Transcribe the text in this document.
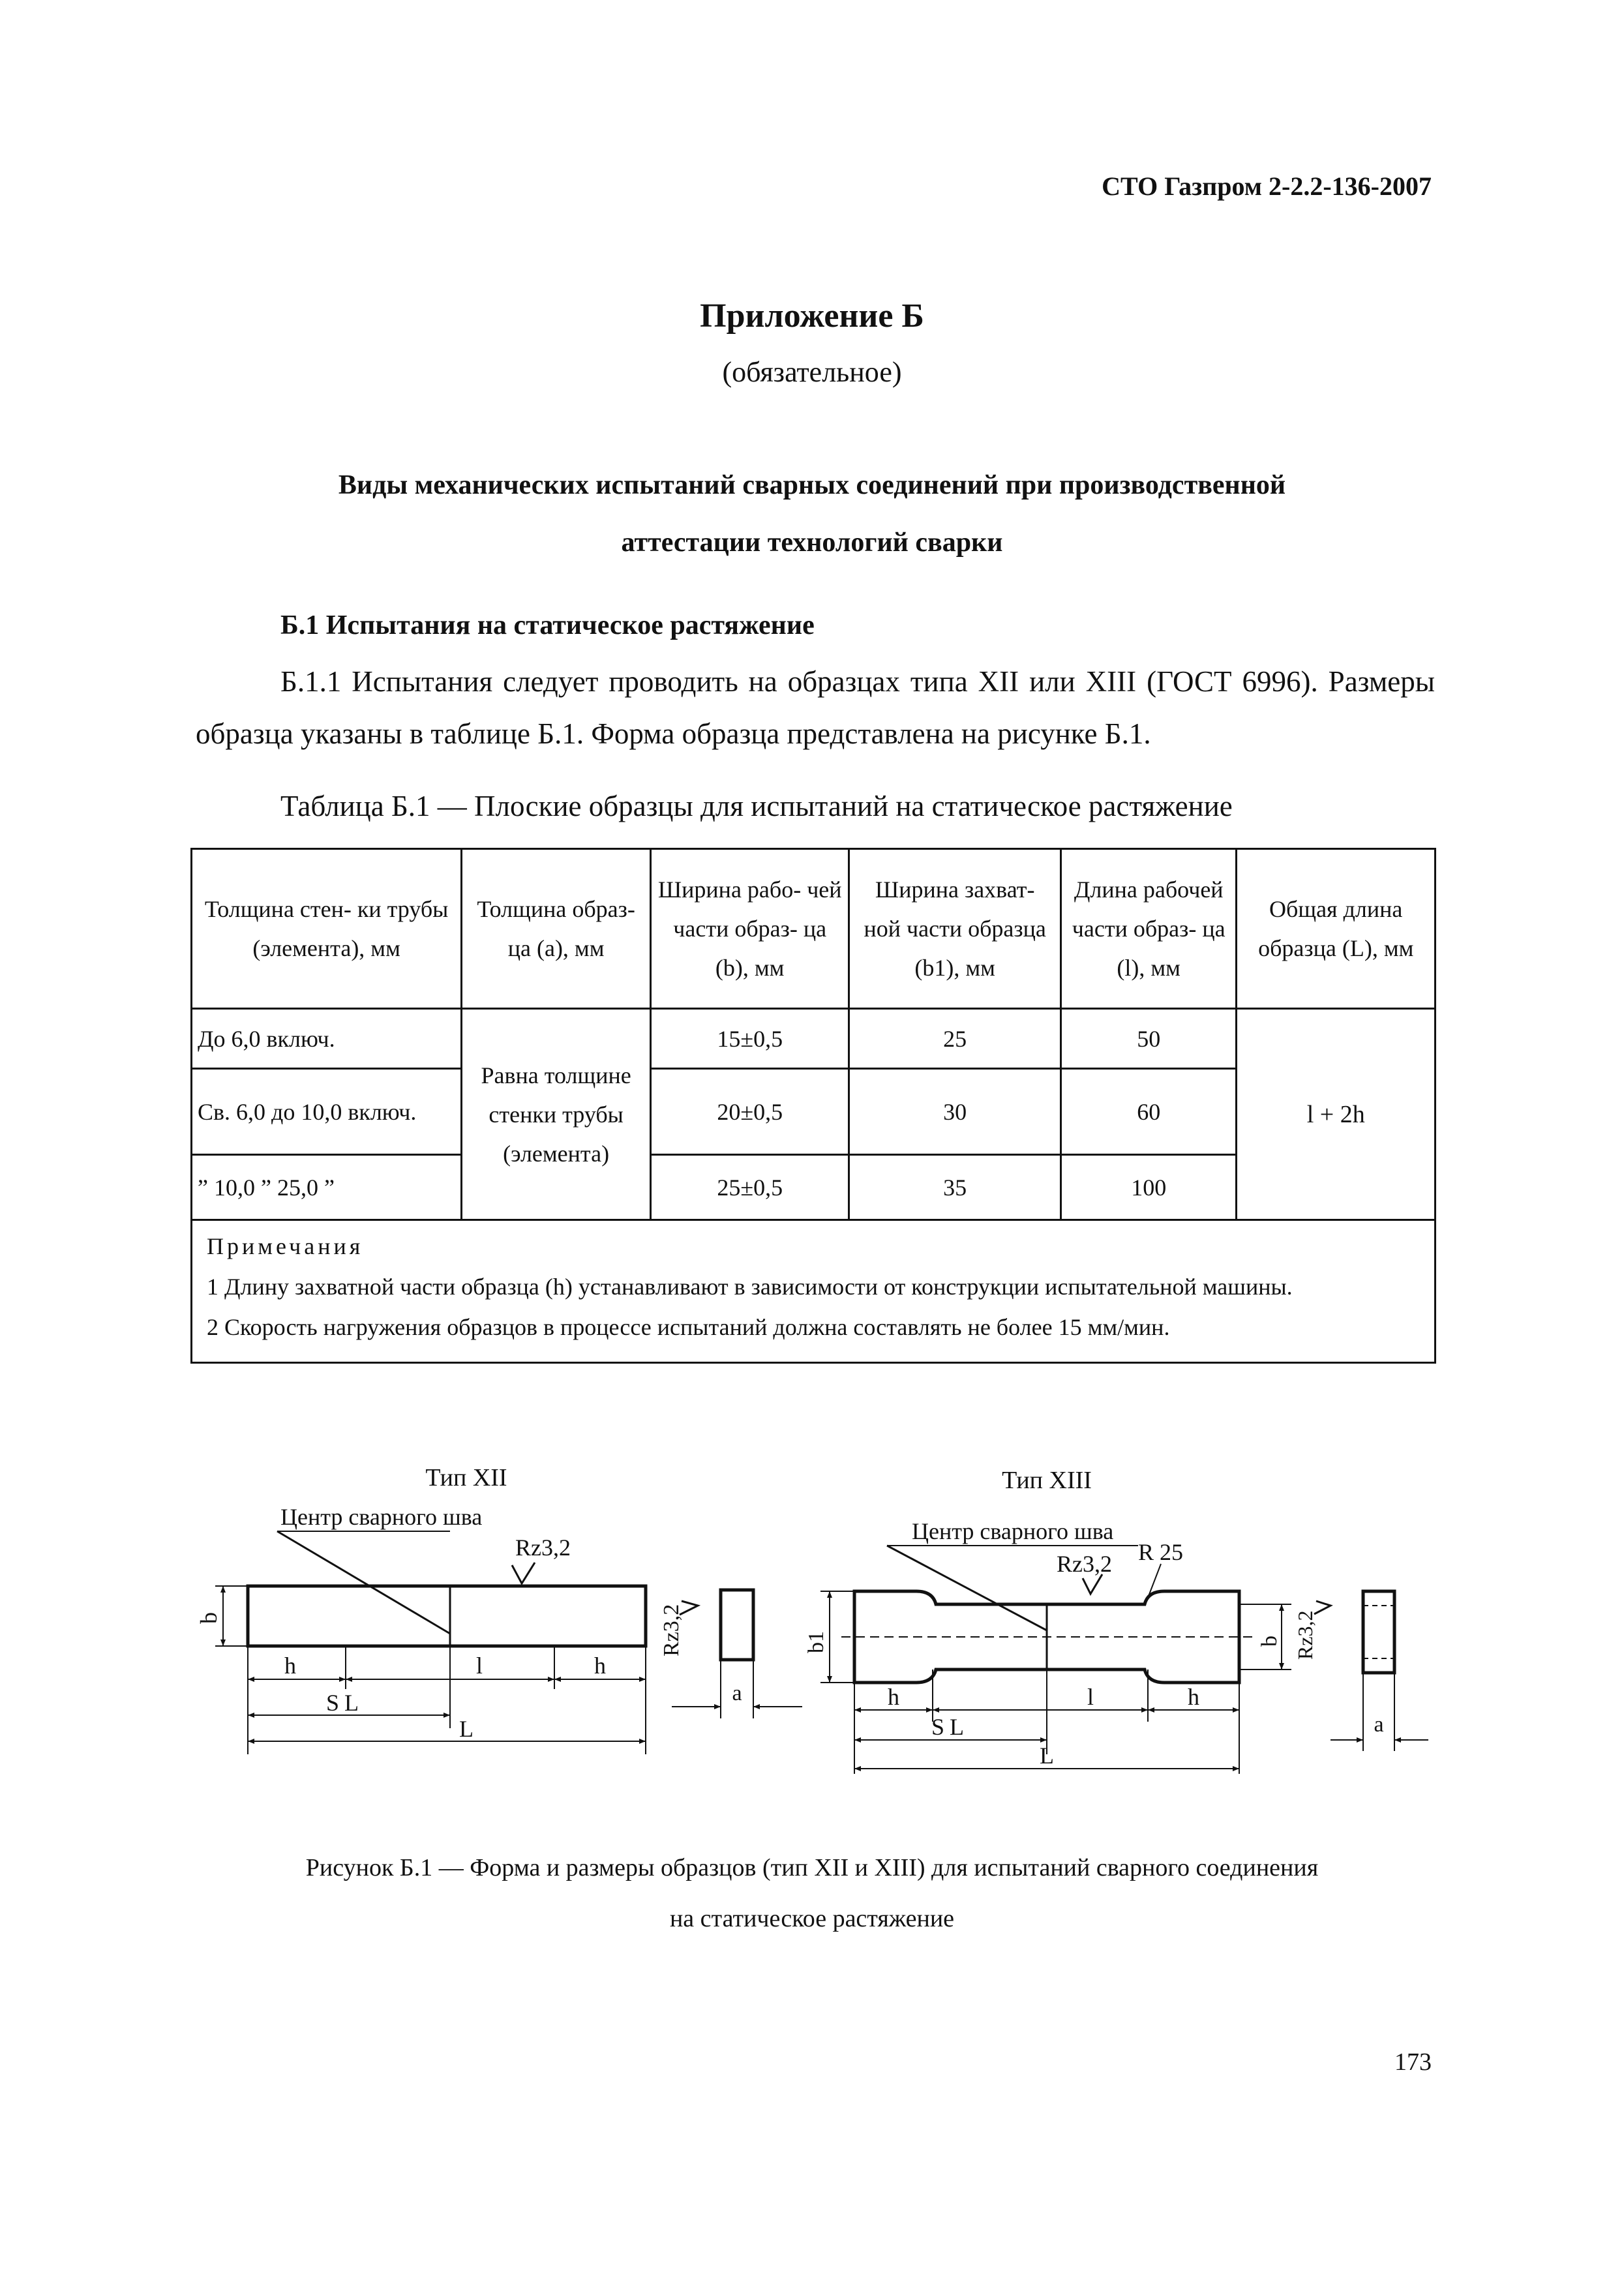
СТО Газпром 2-2.2-136-2007
Приложение Б
(обязательное)
Виды механических испытаний сварных соединений при производственной
аттестации технологий сварки
Б.1 Испытания на статическое растяжение
Б.1.1 Испытания следует проводить на образцах типа XII или XIII (ГОСТ 6996). Размеры образца указаны в таблице Б.1. Форма образца представлена на рисунке Б.1.
Таблица Б.1 — Плоские образцы для испытаний на статическое растяжение
Толщина стен- ки трубы (элемента), мм	Толщина образ- ца (а), мм	Ширина рабо- чей части образ- ца (b), мм	Ширина захват- ной части образца (b1), мм	Длина рабочей части образ- ца (l), мм	Общая длина образца (L), мм
До 6,0 включ.	Равна толщине стенки трубы (элемента)	15±0,5	25	50	l + 2h
Св. 6,0 до 10,0 включ.		20±0,5	30	60	
” 10,0 ” 25,0 ”		25±0,5	35	100	

Примечания
1 Длину захватной части образца (h) устанавливают в зависимости от конструкции испытательной машины.
2 Скорость нагружения образцов в процессе испытаний должна составлять не более 15 мм/мин.					
Тип XII
Центр сварного шва
Rz3,2
b
h	l	h
S L
L
Rz3,2
a
Тип XIII
Центр сварного шва
R 25
Rz3,2
b1	b Rz3,2
h	l	h
S L
L
a
Рисунок Б.1 — Форма и размеры образцов (тип XII и XIII) для испытаний сварного соединения
на статическое растяжение
173
